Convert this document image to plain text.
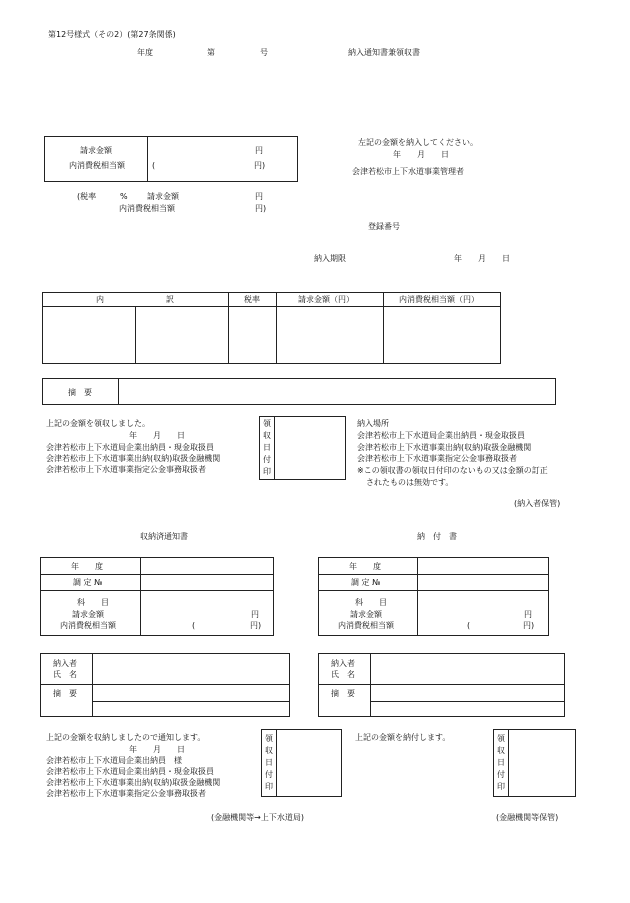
第12号様式（その2）(第27条関係)
年度	第	号	納入通知書兼領収書
請求金額	円
内消費税相当額	(	円)
(税率	% 請求金額	円
内消費税相当額	円)
左記の金額を納入してください。
年　　月　　日
会津若松市上下水道事業管理者
登録番号
納入期限	年　　月　　日
内	訳	税率	請求金額（円）	内消費税相当額（円）
摘　要
上記の金額を領収しました。
年　　月　　日
会津若松市上下水道局企業出納員・現金取扱員
会津若松市上下水道事業出納(収納)取扱金融機関
会津若松市上下水道事業指定公金事務取扱者
領
収
日
付
印
納入場所
会津若松市上下水道局企業出納員・現金取扱員
会津若松市上下水道事業出納(収納)取扱金融機関
会津若松市上下水道事業指定公金事務取扱者
※この領収書の領収日付印のないもの又は金額の訂正
されたものは無効です。
(納入者保管)
収納済通知書
年　　度
調 定 №
科　　目
請求金額	円
内消費税相当額	(	円)
納入者
氏　名
摘　要
上記の金額を収納しましたので通知します。
年　　月　　日
会津若松市上下水道局企業出納員　様
会津若松市上下水道局企業出納員・現金取扱員
会津若松市上下水道事業出納(収納)取扱金融機関
会津若松市上下水道事業指定公金事務取扱者
領
収
日
付
印
(金融機関等→上下水道局)
納　付　書
年　　度
調 定 №
科　　目
請求金額	円
内消費税相当額	(	円)
納入者
氏　名
摘　要
上記の金額を納付します。	領
収
日
付
印
(金融機関等保管)
